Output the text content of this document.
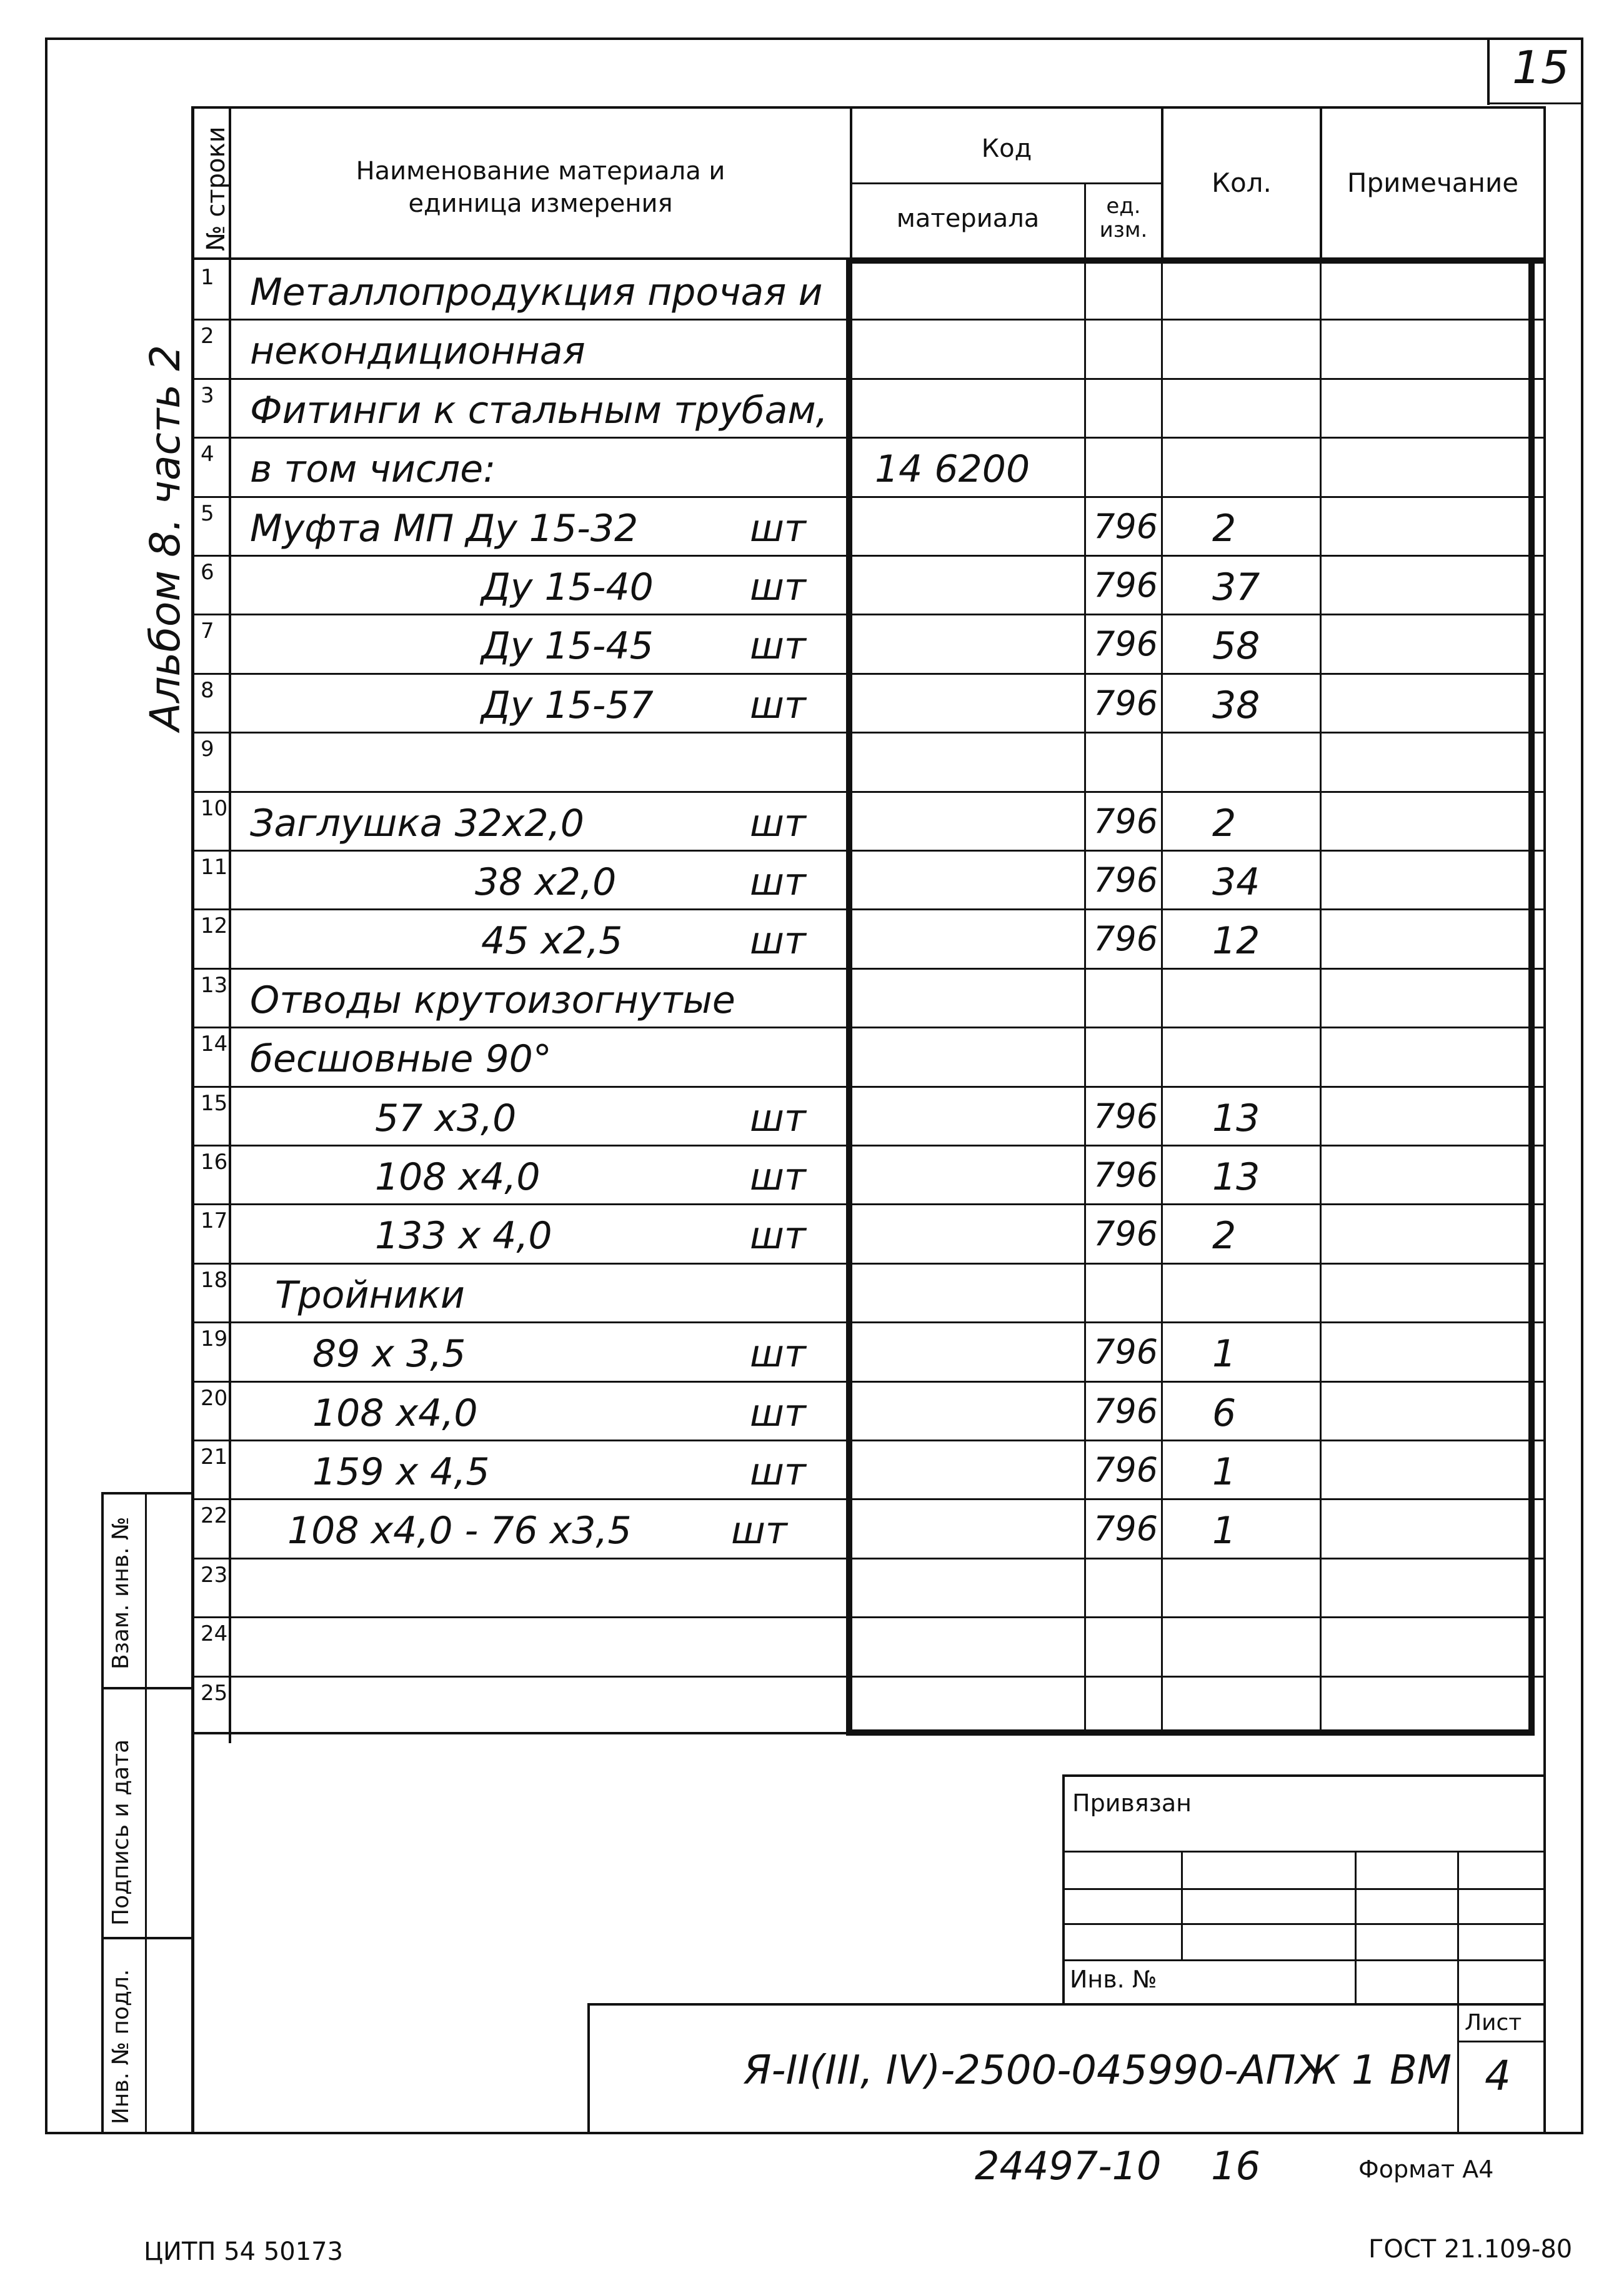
15
№ строки	Наименование материала и
единица измерения
Код
материала	ед.
изм.
Кол.	Примечание
1 Металлопродукция прочая и
2 некондиционная
3 Фитинги к стальным трубам,
4 в том числе:	14 6200
5 Муфта МП Ду 15-32	шт	796 2
6	Ду 15-40	шт	796 37
7	Ду 15-45	шт	796 58
8	Ду 15-57	шт	796 38
9
10 Заглушка 32х2,0	шт	796 2
11	38 х2,0	шт	796 34
12	45 х2,5	шт	796 12
13 Отводы крутоизогнутые
14 бесшовные 90°
15	57 х3,0	шт	796 13
16	108 х4,0	шт	796 13
17	133 х 4,0	шт	796 2
18 Тройники
19 89 х 3,5	шт	796 1
20 108 х4,0	шт	796 6
21 159 х 4,5	шт	796 1
22 108 х4,0 - 76 х3,5	шт	796 1
23
24
25
Альбом 8. часть 2
Взам. инв. №
Подпись и дата
Инв. № подл.
Привязан
Инв. №
Лист
Я-II(III, IV)-2500-045990-АПЖ 1 ВМ 4
24497-10 16	Формат А4
ЦИТП 54 50173	ГОСТ 21.109-80
